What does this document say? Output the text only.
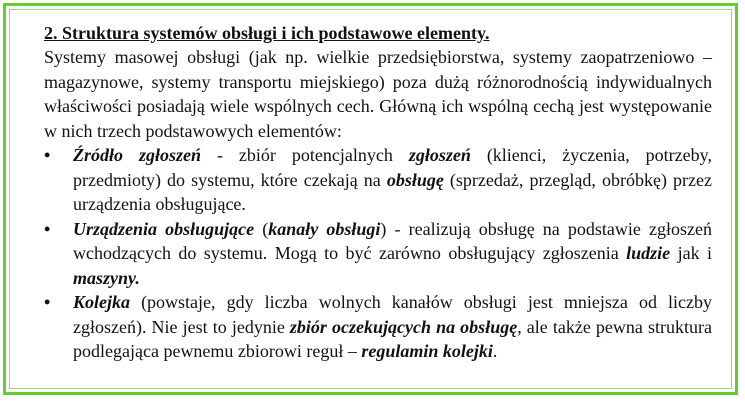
2. Struktura systemów obsługi i ich podstawowe elementy.

Systemy masowej obsługi (jak np. wielkie przedsiębiorstwa, systemy zaopatrzeniowo – magazynowe, systemy transportu miejskiego) poza dużą różnorodnością indywidualnych właściwości posiadają wiele wspólnych cech. Główną ich wspólną cechą jest występowanie w nich trzech podstawowych elementów:

• Źródło zgłoszeń - zbiór potencjalnych zgłoszeń (klienci, życzenia, potrzeby, przedmioty) do systemu, które czekają na obsługę (sprzedaż, przegląd, obróbkę) przez urządzenia obsługujące.
• Urządzenia obsługujące (kanały obsługi) - realizują obsługę na podstawie zgłoszeń wchodzących do systemu. Mogą to być zarówno obsługujący zgłoszenia ludzie jak i maszyny.
• Kolejka (powstaje, gdy liczba wolnych kanałów obsługi jest mniejsza od liczby zgłoszeń). Nie jest to jedynie zbiór oczekujących na obsługę, ale także pewna struktura podlegająca pewnemu zbiorowi reguł – regulamin kolejki.
